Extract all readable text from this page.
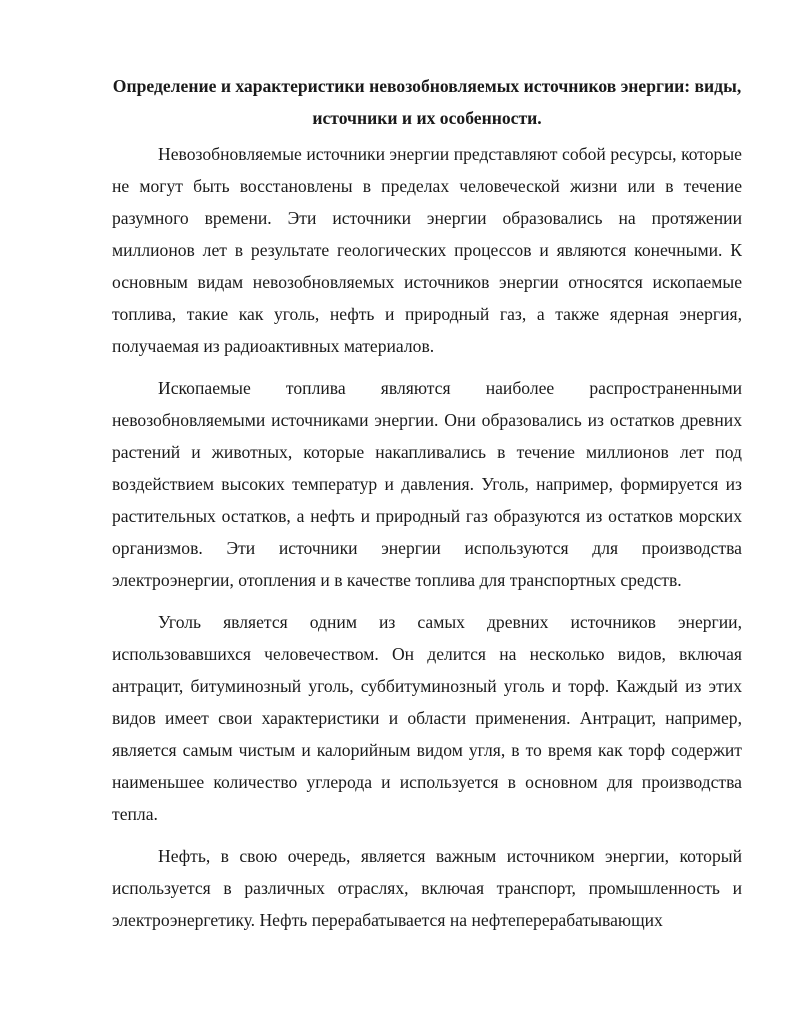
Определение и характеристики невозобновляемых источников энергии: виды, источники и их особенности.

Невозобновляемые источники энергии представляют собой ресурсы, которые не могут быть восстановлены в пределах человеческой жизни или в течение разумного времени. Эти источники энергии образовались на протяжении миллионов лет в результате геологических процессов и являются конечными. К основным видам невозобновляемых источников энергии относятся ископаемые топлива, такие как уголь, нефть и природный газ, а также ядерная энергия, получаемая из радиоактивных материалов.

Ископаемые топлива являются наиболее распространенными невозобновляемыми источниками энергии. Они образовались из остатков древних растений и животных, которые накапливались в течение миллионов лет под воздействием высоких температур и давления. Уголь, например, формируется из растительных остатков, а нефть и природный газ образуются из остатков морских организмов. Эти источники энергии используются для производства электроэнергии, отопления и в качестве топлива для транспортных средств.

Уголь является одним из самых древних источников энергии, использовавшихся человечеством. Он делится на несколько видов, включая антрацит, битуминозный уголь, суббитуминозный уголь и торф. Каждый из этих видов имеет свои характеристики и области применения. Антрацит, например, является самым чистым и калорийным видом угля, в то время как торф содержит наименьшее количество углерода и используется в основном для производства тепла.

Нефть, в свою очередь, является важным источником энергии, который используется в различных отраслях, включая транспорт, промышленность и электроэнергетику. Нефть перерабатывается на нефтеперерабатывающих
